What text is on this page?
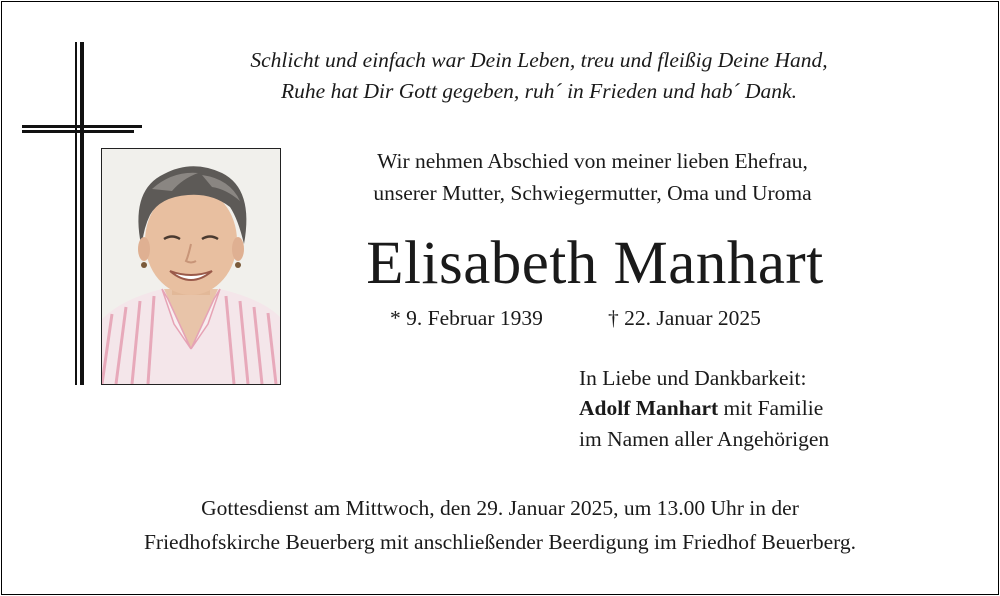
Schlicht und einfach war Dein Leben, treu und fleißig Deine Hand,
Ruhe hat Dir Gott gegeben, ruh´ in Frieden und hab´ Dank.
Wir nehmen Abschied von meiner lieben Ehefrau,
unserer Mutter, Schwiegermutter, Oma und Uroma
Elisabeth Manhart
* 9. Februar 1939	† 22. Januar 2025
In Liebe und Dankbarkeit:
Adolf Manhart mit Familie
im Namen aller Angehörigen
Gottesdienst am Mittwoch, den 29. Januar 2025, um 13.00 Uhr in der
Friedhofskirche Beuerberg mit anschließender Beerdigung im Friedhof Beuerberg.
